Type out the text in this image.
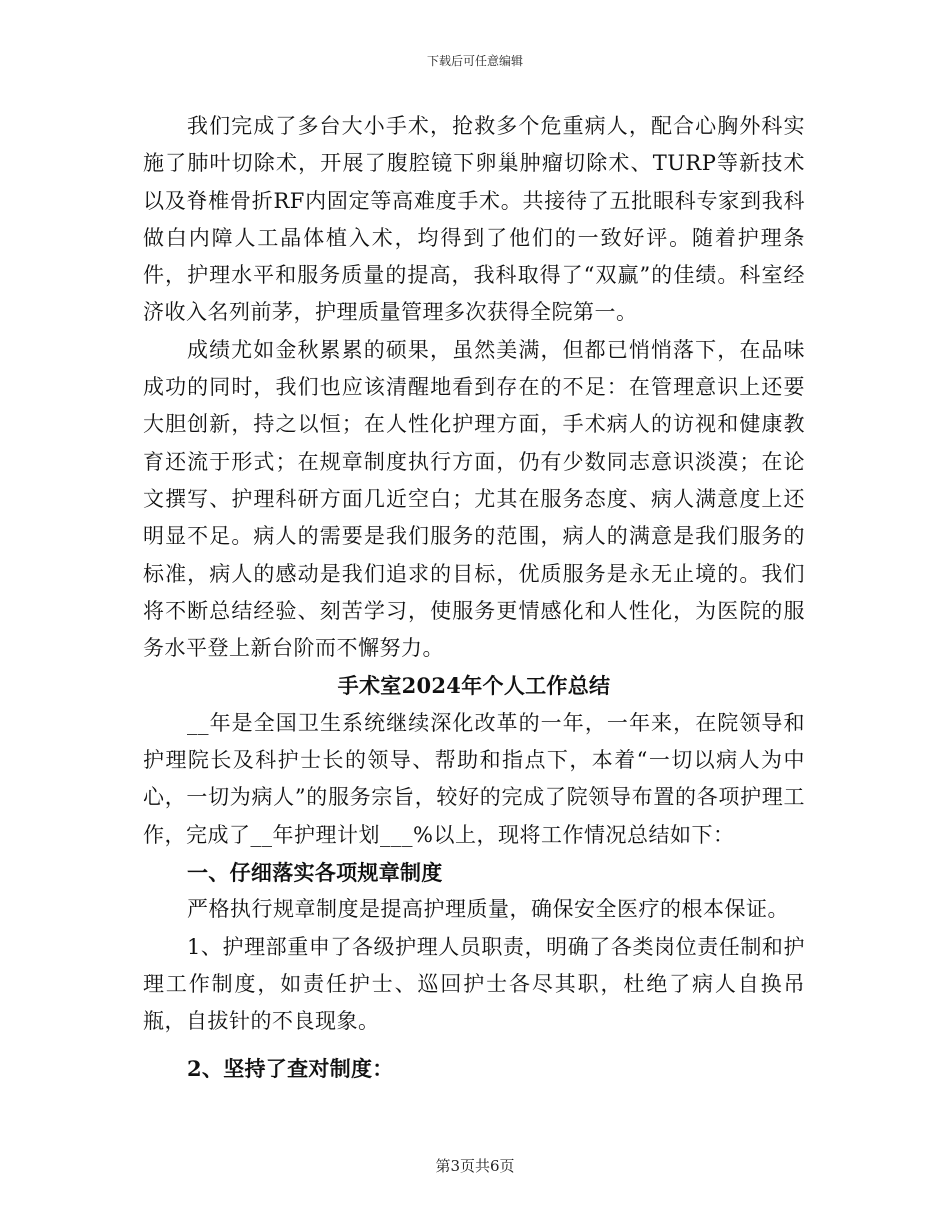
下载后可任意编辑

我们完成了多台大小手术，抢救多个危重病人，配合心胸外科实施了肺叶切除术，开展了腹腔镜下卵巢肿瘤切除术、TURP等新技术以及脊椎骨折RF内固定等高难度手术。共接待了五批眼科专家到我科做白内障人工晶体植入术，均得到了他们的一致好评。随着护理条件，护理水平和服务质量的提高，我科取得了“双赢”的佳绩。科室经济收入名列前茅，护理质量管理多次获得全院第一。

成绩尤如金秋累累的硕果，虽然美满，但都已悄悄落下，在品味成功的同时，我们也应该清醒地看到存在的不足：在管理意识上还要大胆创新，持之以恒；在人性化护理方面，手术病人的访视和健康教育还流于形式；在规章制度执行方面，仍有少数同志意识淡漠；在论文撰写、护理科研方面几近空白；尤其在服务态度、病人满意度上还明显不足。病人的需要是我们服务的范围，病人的满意是我们服务的标准，病人的感动是我们追求的目标，优质服务是永无止境的。我们将不断总结经验、刻苦学习，使服务更情感化和人性化，为医院的服务水平登上新台阶而不懈努力。

手术室2024年个人工作总结

__年是全国卫生系统继续深化改革的一年，一年来，在院领导和护理院长及科护士长的领导、帮助和指点下，本着“一切以病人为中心，一切为病人”的服务宗旨，较好的完成了院领导布置的各项护理工作，完成了__年护理计划___%以上，现将工作情况总结如下：

一、仔细落实各项规章制度

严格执行规章制度是提高护理质量，确保安全医疗的根本保证。

1、护理部重申了各级护理人员职责，明确了各类岗位责任制和护理工作制度，如责任护士、巡回护士各尽其职，杜绝了病人自换吊瓶，自拔针的不良现象。

2、坚持了查对制度：

第3页共6页
